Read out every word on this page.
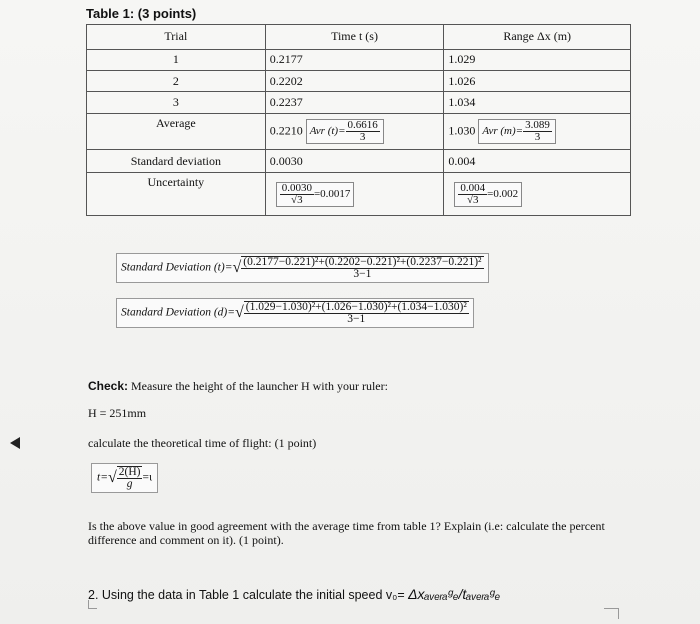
Table 1: (3 points)
Trial	Time t (s)	Range Δx (m)
1	0.2177	1.029
2	0.2202	1.026
3	0.2237	1.034
Average	0.2210 Avr $(t)= \frac{0.6616}{3}$	1.030 Avr $(m)= \frac{3.089}{3}$

Standard deviation	0.0030	0.004
Uncertainty	$\frac{0.0030}{√3} =0.0017$	$\frac{0.004}{√3} =0.002$
Standard Deviation $(t)=√ \frac{\text{(0.2177−0.221)²+(0.2202−0.221)²+(0.2237−0.221)²}}{3-1}$
Standard Deviation $(d)=√ \frac{\text{(1.029−1.030)²+(1.026−1.030)²+(1.034−1.030)²}}{3-1}$
Check: Measure the height of the launcher H with your ruler:
H = 251mm
calculate the theoretical time of flight: (1 point)
$t=√ \frac{2(H)}{g} =\iota$
Is the above value in good agreement with the average time from table 1? Explain (i.e: calculate the percent difference and comment on it). (1 point).
2. Using the data in Table 1 calculate the initial speed v₀= Δxₐᵥₑᵣₐᵍₑ/tₐᵥₑᵣₐᵍₑ
